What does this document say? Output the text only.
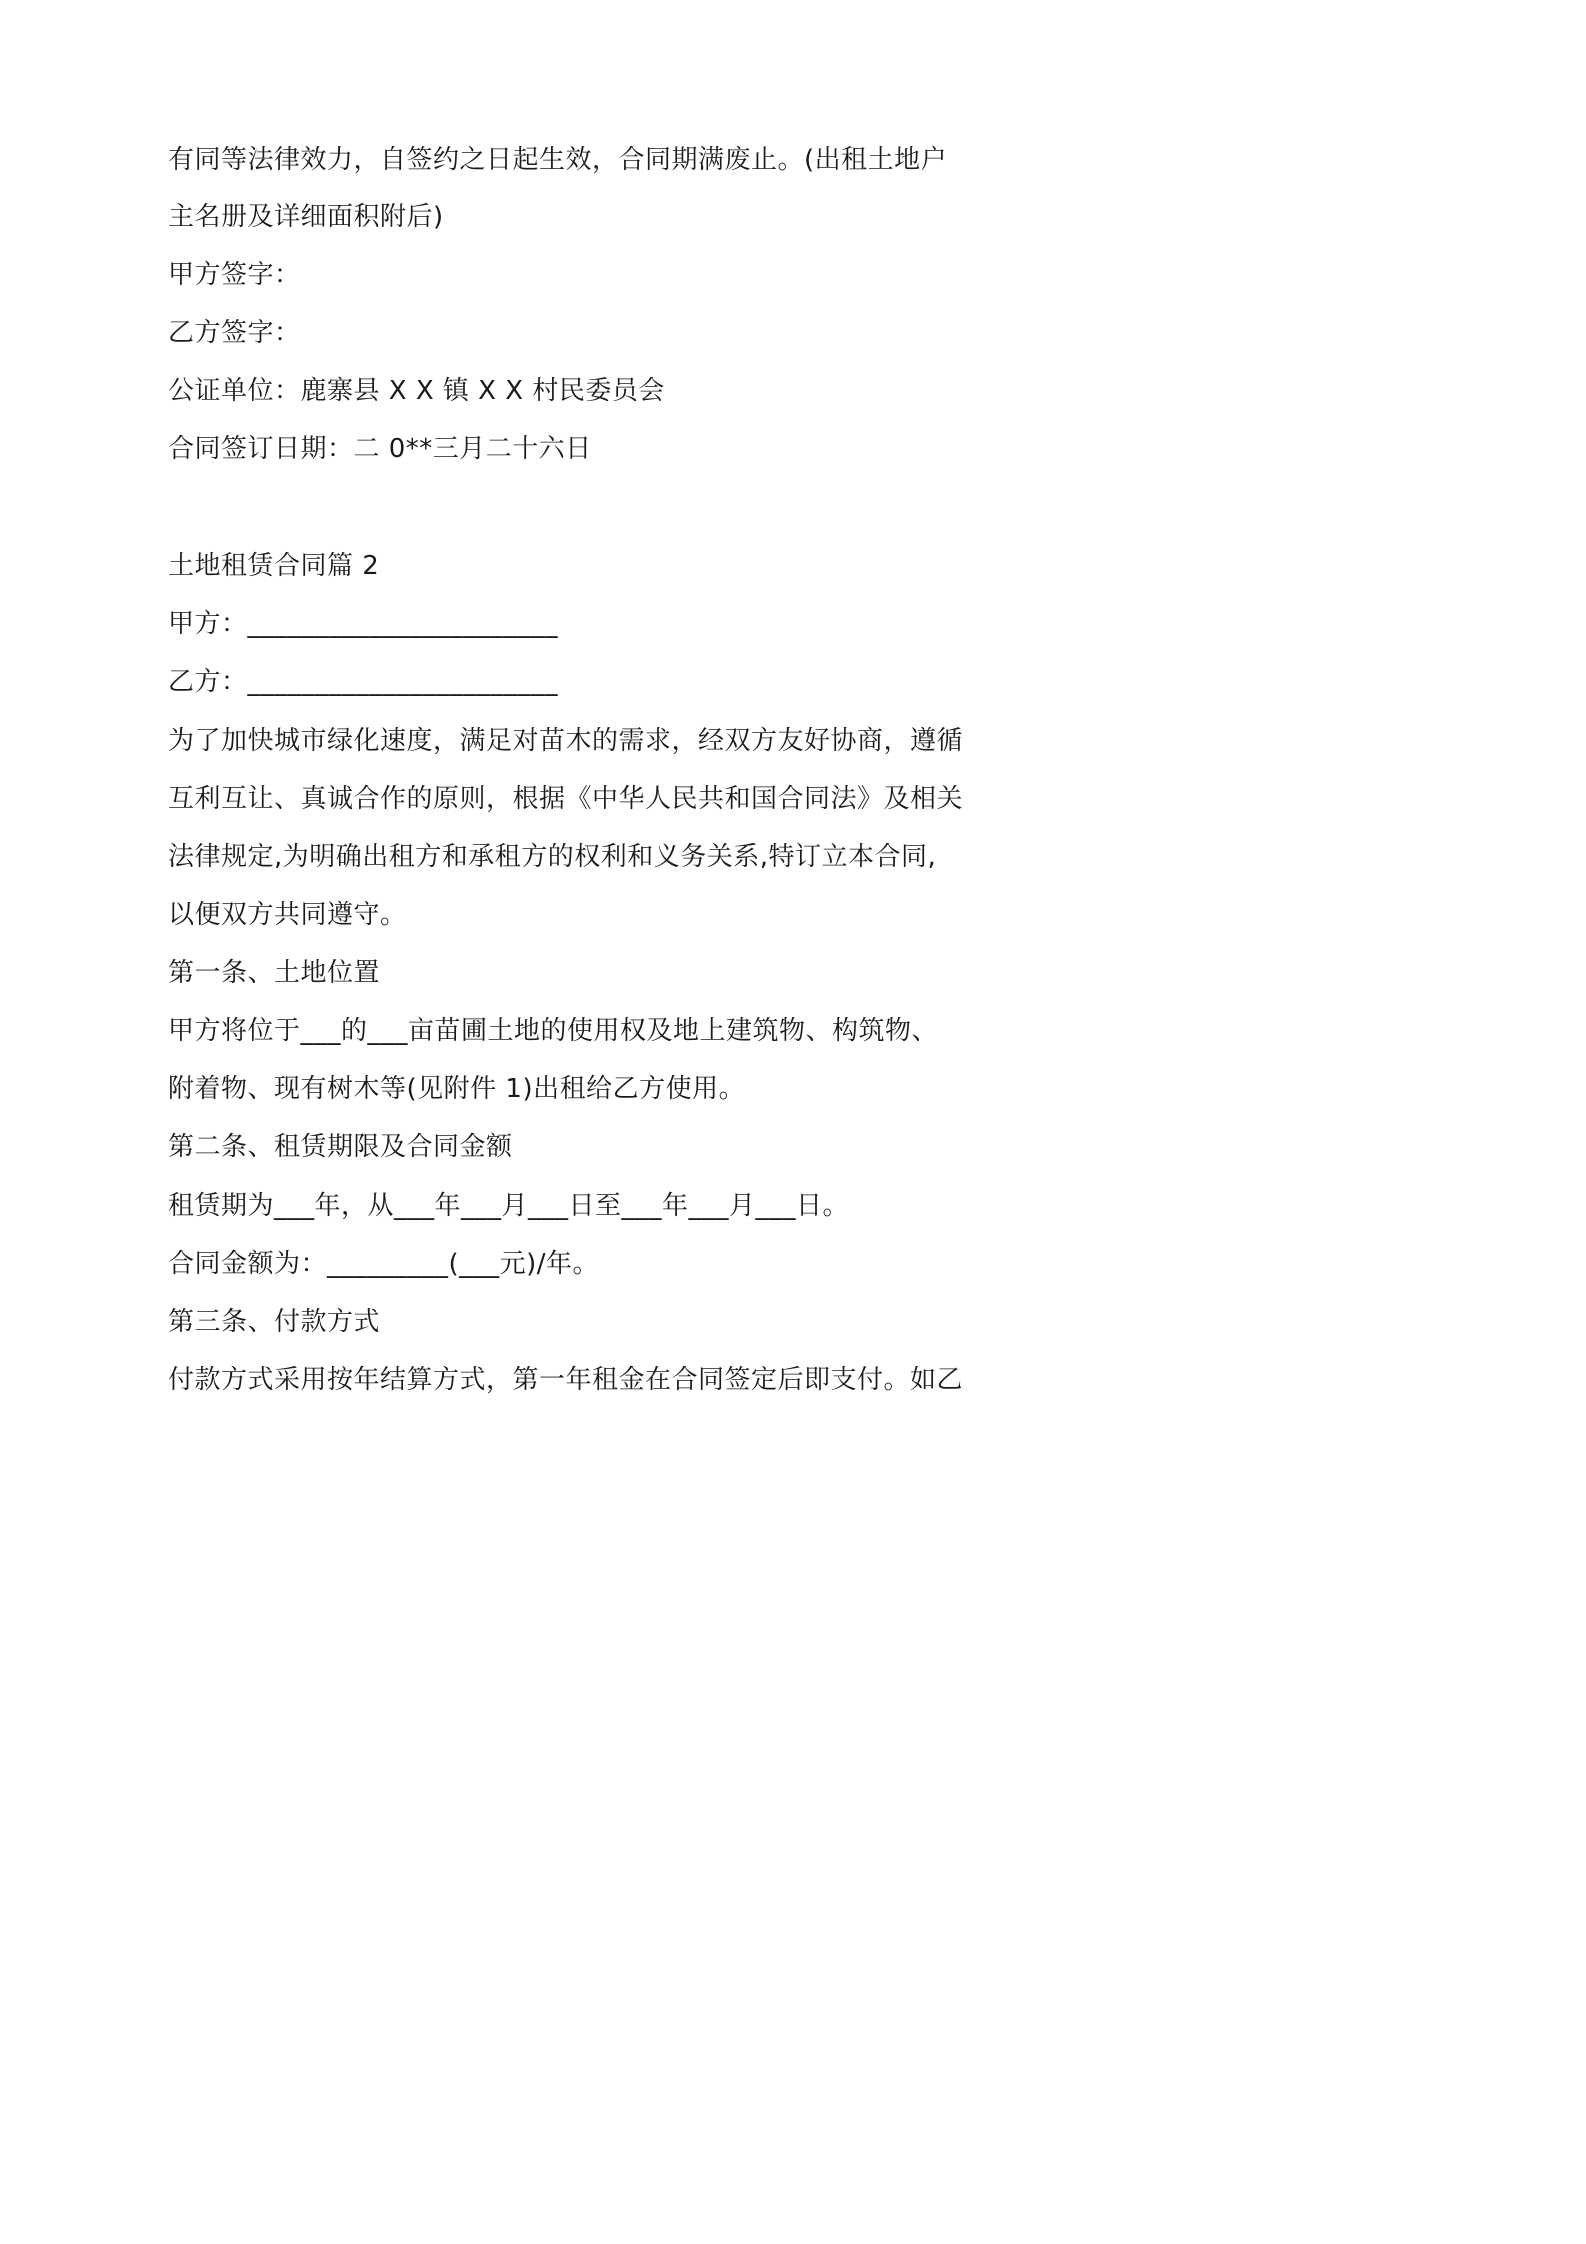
有同等法律效力，自签约之日起生效，合同期满废止。(出租土地户
主名册及详细面积附后)
甲方签字：
乙方签字：
公证单位：鹿寨县 X X 镇 X X 村民委员会
合同签订日期：二 0**三月二十六日
土地租赁合同篇 2
甲方：_______________________
乙方：_______________________
为了加快城市绿化速度，满足对苗木的需求，经双方友好协商，遵循
互利互让、真诚合作的原则，根据《中华人民共和国合同法》及相关
法律规定,为明确出租方和承租方的权利和义务关系,特订立本合同,
以便双方共同遵守。
第一条、土地位置
甲方将位于___的___亩苗圃土地的使用权及地上建筑物、构筑物、
附着物、现有树木等(见附件 1)出租给乙方使用。
第二条、租赁期限及合同金额
租赁期为___年，从___年___月___日至___年___月___日。
合同金额为：_________(___元)/年。
第三条、付款方式
付款方式采用按年结算方式，第一年租金在合同签定后即支付。如乙
